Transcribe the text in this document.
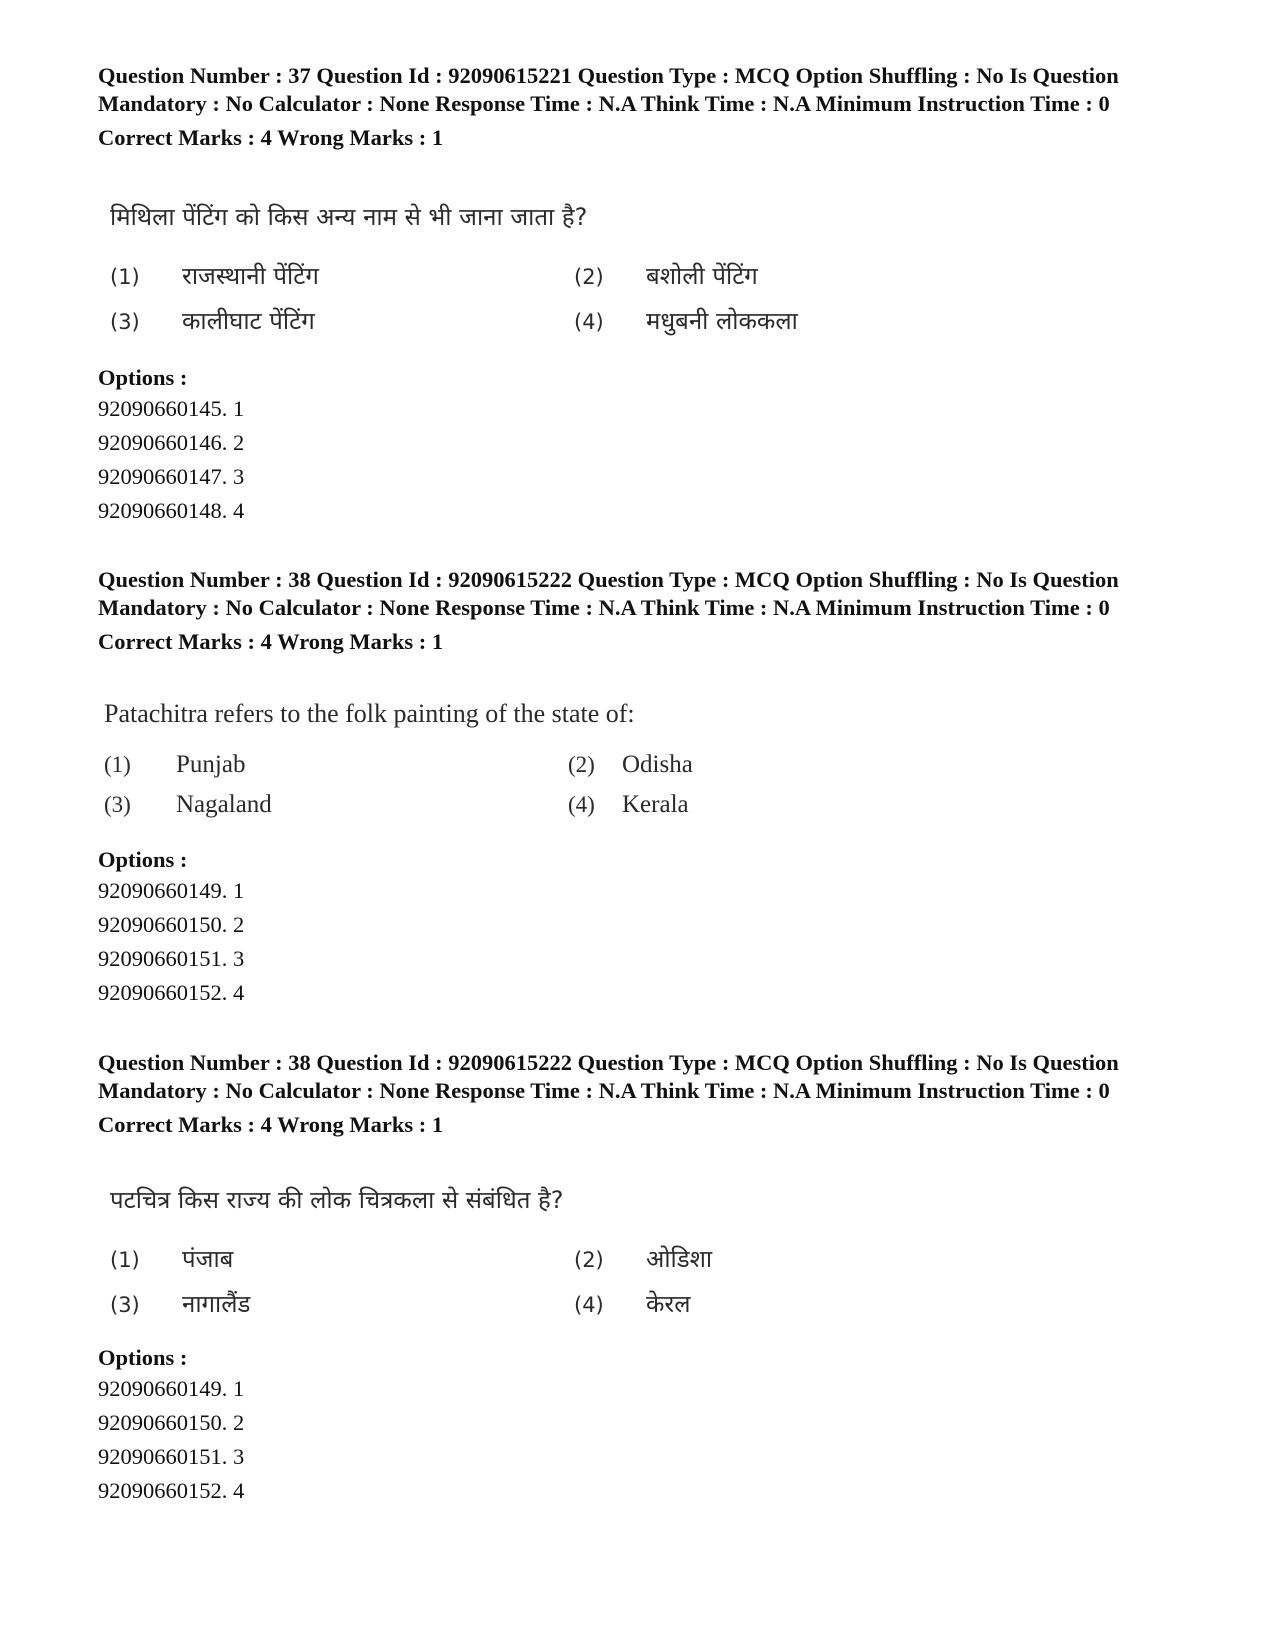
Question Number : 37 Question Id : 92090615221 Question Type : MCQ Option Shuffling : No Is Question Mandatory : No Calculator : None Response Time : N.A Think Time : N.A Minimum Instruction Time : 0

Correct Marks : 4 Wrong Marks : 1
मिथिला पेंटिंग को किस अन्य नाम से भी जाना जाता है?
(1) राजस्थानी पेंटिंग	(2) बशोली पेंटिंग
(3) कालीघाट पेंटिंग	(4) मधुबनी लोककला
Options :
92090660145. 1
92090660146. 2
92090660147. 3
92090660148. 4

Question Number : 38 Question Id : 92090615222 Question Type : MCQ Option Shuffling : No Is Question Mandatory : No Calculator : None Response Time : N.A Think Time : N.A Minimum Instruction Time : 0

Correct Marks : 4 Wrong Marks : 1
Patachitra refers to the folk painting of the state of:
(1) Punjab	(2) Odisha
(3) Nagaland	(4) Kerala
Options :
92090660149. 1
92090660150. 2
92090660151. 3
92090660152. 4

Question Number : 38 Question Id : 92090615222 Question Type : MCQ Option Shuffling : No Is Question Mandatory : No Calculator : None Response Time : N.A Think Time : N.A Minimum Instruction Time : 0

Correct Marks : 4 Wrong Marks : 1
पटचित्र किस राज्य की लोक चित्रकला से संबंधित है?
(1) पंजाब	(2) ओडिशा
(3) नागालैंड	(4) केरल
Options :
92090660149. 1
92090660150. 2
92090660151. 3
92090660152. 4
